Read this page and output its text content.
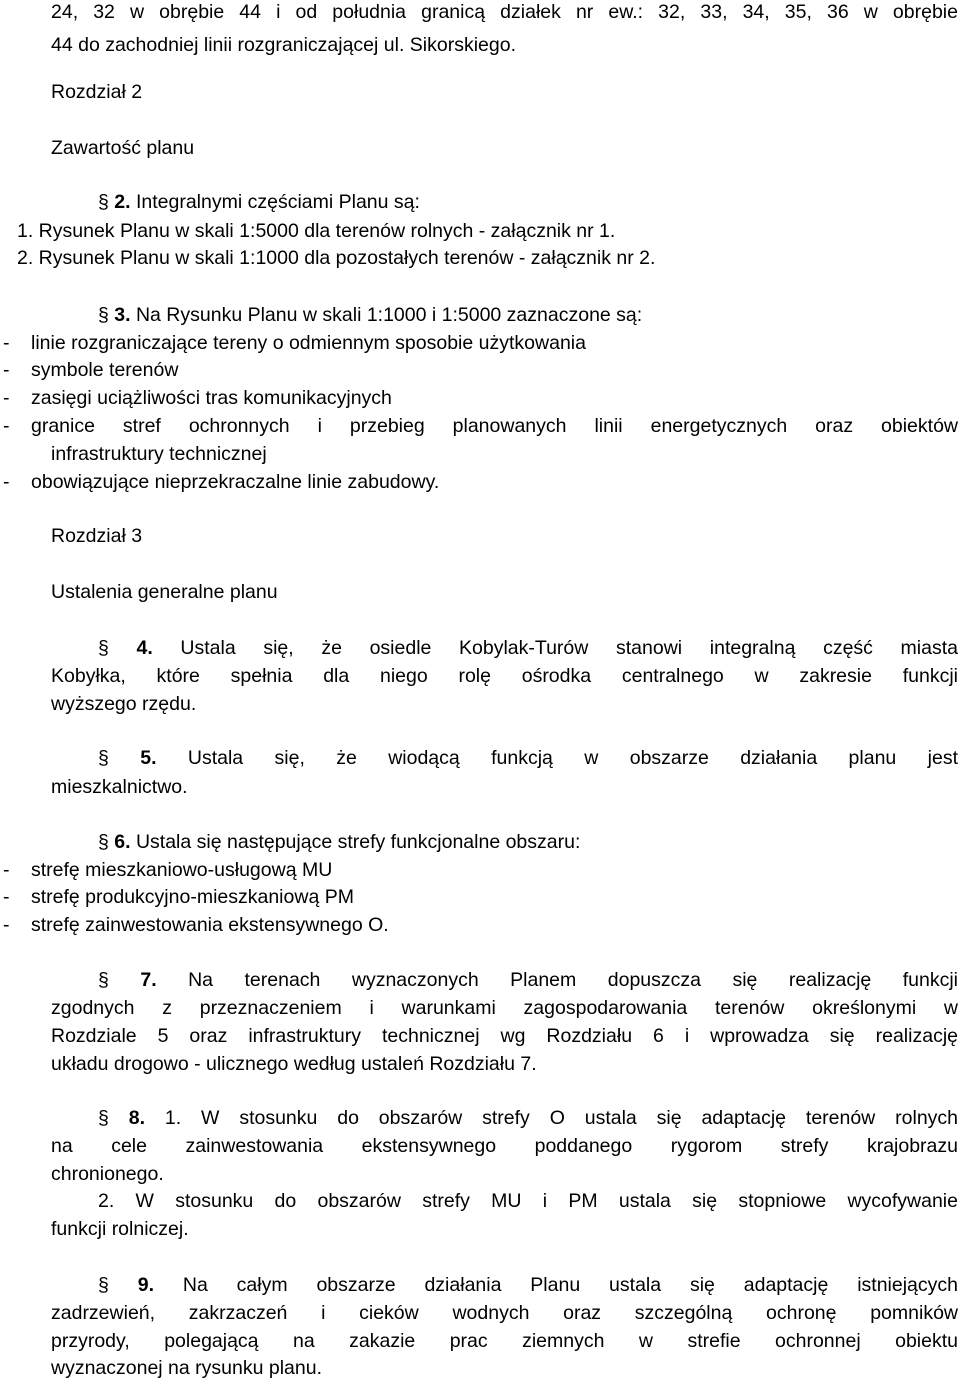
24, 32 w obrębie 44 i od południa granicą działek nr ew.: 32, 33, 34, 35, 36 w obrębie
44 do zachodniej linii rozgraniczającej ul. Sikorskiego.
Rozdział 2
Zawartość planu
§ 2. Integralnymi częściami Planu są:
1. Rysunek Planu w skali 1:5000 dla terenów rolnych - załącznik nr 1.
2. Rysunek Planu w skali 1:1000 dla pozostałych terenów - załącznik nr 2.
§ 3. Na Rysunku Planu w skali 1:1000 i 1:5000 zaznaczone są:
- linie rozgraniczające tereny o odmiennym sposobie użytkowania
- symbole terenów
- zasięgi uciążliwości tras komunikacyjnych
- granice stref ochronnych i przebieg planowanych linii energetycznych oraz obiektów
infrastruktury technicznej
- obowiązujące nieprzekraczalne linie zabudowy.
Rozdział 3
Ustalenia generalne planu
§ 4. Ustala się, że osiedle Kobylak-Turów stanowi integralną część miasta
Kobyłka, które spełnia dla niego rolę ośrodka centralnego w zakresie funkcji
wyższego rzędu.
§ 5. Ustala się, że wiodącą funkcją w obszarze działania planu jest
mieszkalnictwo.
§ 6. Ustala się następujące strefy funkcjonalne obszaru:
- strefę mieszkaniowo-usługową MU
- strefę produkcyjno-mieszkaniową PM
- strefę zainwestowania ekstensywnego O.
§ 7. Na terenach wyznaczonych Planem dopuszcza się realizację funkcji
zgodnych z przeznaczeniem i warunkami zagospodarowania terenów określonymi w
Rozdziale 5 oraz infrastruktury technicznej wg Rozdziału 6 i wprowadza się realizację
układu drogowo - ulicznego według ustaleń Rozdziału 7.
§ 8. 1. W stosunku do obszarów strefy O ustala się adaptację terenów rolnych
na cele zainwestowania ekstensywnego poddanego rygorom strefy krajobrazu
chronionego.
2. W stosunku do obszarów strefy MU i PM ustala się stopniowe wycofywanie
funkcji rolniczej.
§ 9. Na całym obszarze działania Planu ustala się adaptację istniejących
zadrzewień, zakrzaczeń i cieków wodnych oraz szczególną ochronę pomników
przyrody, polegającą na zakazie prac ziemnych w strefie ochronnej obiektu
wyznaczonej na rysunku planu.
